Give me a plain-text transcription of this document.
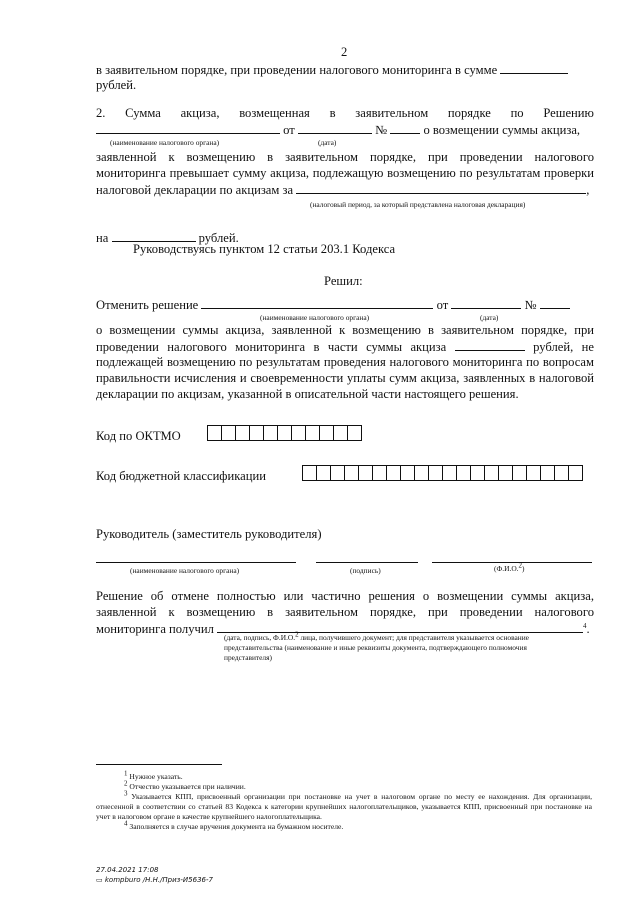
2
в заявительном порядке, при проведении налогового мониторинга в сумме
рублей.
2. Сумма акциза, возмещенная в заявительном порядке по Решению
от	№	о возмещении суммы акциза,
(наименование налогового органа)	(дата)
заявленной к возмещению в заявительном порядке, при проведении налогового
мониторинга превышает сумму акциза, подлежащую возмещению по результатам проверки
налоговой декларации по акцизам за	,
(налоговый период, за который представлена налоговая декларация)
на	рублей.
Руководствуясь пунктом 12 статьи 203.1 Кодекса
Решил:
Отменить решение	от	№
(наименование налогового органа)	(дата)
о возмещении суммы акциза, заявленной к возмещению в заявительном порядке, при
проведении налогового мониторинга в части суммы акциза	рублей, не
подлежащей возмещению по результатам проведения налогового мониторинга по вопросам
правильности исчисления и своевременности уплаты сумм акциза, заявленных в налоговой
декларации по акцизам, указанной в описательной части настоящего решения.
Код по ОКТМО
Код бюджетной классификации
Руководитель (заместитель руководителя)
(наименование налогового органа)	(подпись)	(Ф.И.О.$^2$)
Решение об отмене полностью или частично решения о возмещении суммы акциза,
заявленной к возмещению в заявительном порядке, при проведении налогового
мониторинга получил	$^4$.
(дата, подпись, Ф.И.О.$^2$ лица, получившего документ; для представителя указывается основание
представительства (наименование и иные реквизиты документа, подтверждающего полномочия
представителя)
$^1$ Нужное указать.
$^2$ Отчество указывается при наличии.
$^3$ Указывается КПП, присвоенный организации при постановке на учет в налоговом органе по месту ее нахождения. Для организации, отнесенной в соответствии со статьей 83 Кодекса к категории крупнейших налогоплательщиков, указывается КПП, присвоенный при постановке на учет в налоговом органе в качестве крупнейшего налогоплательщика.
$^4$ Заполняется в случае вручения документа на бумажном носителе.
27.04.2021 17:08
▭ kompburo /Н.Н./Приз-И5636-7
